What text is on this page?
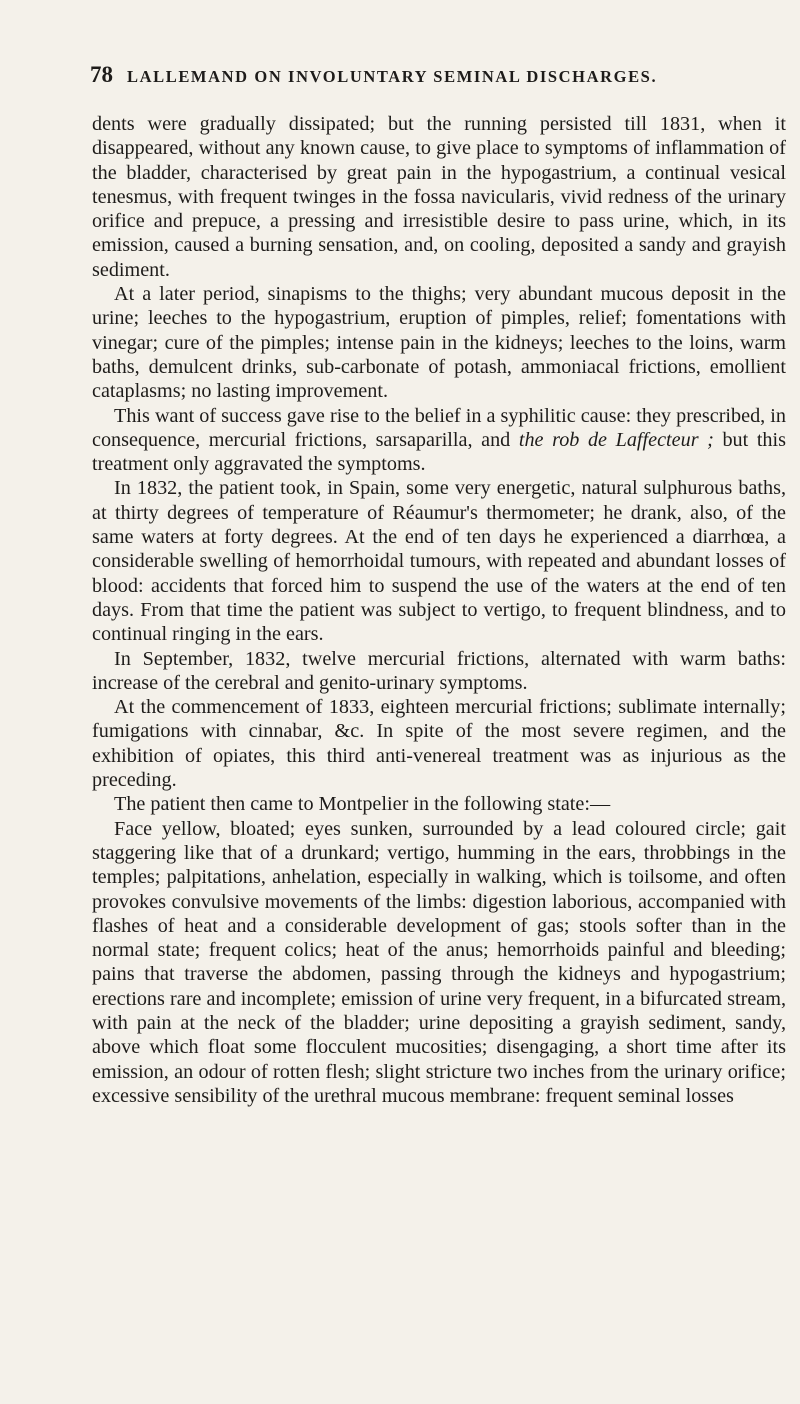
78 LALLEMAND ON INVOLUNTARY SEMINAL DISCHARGES.

dents were gradually dissipated; but the running persisted till 1831, when it disappeared, without any known cause, to give place to symptoms of inflammation of the bladder, characterised by great pain in the hypogastrium, a continual vesical tenesmus, with frequent twinges in the fossa navicularis, vivid redness of the urinary orifice and prepuce, a pressing and irresistible desire to pass urine, which, in its emission, caused a burning sensation, and, on cooling, deposited a sandy and grayish sediment.

At a later period, sinapisms to the thighs; very abundant mucous deposit in the urine; leeches to the hypogastrium, eruption of pimples, relief; fomentations with vinegar; cure of the pimples; intense pain in the kidneys; leeches to the loins, warm baths, demulcent drinks, sub-carbonate of potash, ammoniacal frictions, emollient cataplasms; no lasting improvement.

This want of success gave rise to the belief in a syphilitic cause: they prescribed, in consequence, mercurial frictions, sarsaparilla, and the rob de Laffecteur ; but this treatment only aggravated the symptoms.

In 1832, the patient took, in Spain, some very energetic, natural sulphurous baths, at thirty degrees of temperature of Réaumur's thermometer; he drank, also, of the same waters at forty degrees. At the end of ten days he experienced a diarrhœa, a considerable swelling of hemorrhoidal tumours, with repeated and abundant losses of blood: accidents that forced him to suspend the use of the waters at the end of ten days. From that time the patient was subject to vertigo, to frequent blindness, and to continual ringing in the ears.

In September, 1832, twelve mercurial frictions, alternated with warm baths: increase of the cerebral and genito-urinary symptoms.

At the commencement of 1833, eighteen mercurial frictions; sublimate internally; fumigations with cinnabar, &c. In spite of the most severe regimen, and the exhibition of opiates, this third anti-venereal treatment was as injurious as the preceding.

The patient then came to Montpelier in the following state:—

Face yellow, bloated; eyes sunken, surrounded by a lead coloured circle; gait staggering like that of a drunkard; vertigo, humming in the ears, throbbings in the temples; palpitations, anhelation, especially in walking, which is toilsome, and often provokes convulsive movements of the limbs: digestion laborious, accompanied with flashes of heat and a considerable development of gas; stools softer than in the normal state; frequent colics; heat of the anus; hemorrhoids painful and bleeding; pains that traverse the abdomen, passing through the kidneys and hypogastrium; erections rare and incomplete; emission of urine very frequent, in a bifurcated stream, with pain at the neck of the bladder; urine depositing a grayish sediment, sandy, above which float some flocculent mucosities; disengaging, a short time after its emission, an odour of rotten flesh; slight stricture two inches from the urinary orifice; excessive sensibility of the urethral mucous membrane: frequent seminal losses
